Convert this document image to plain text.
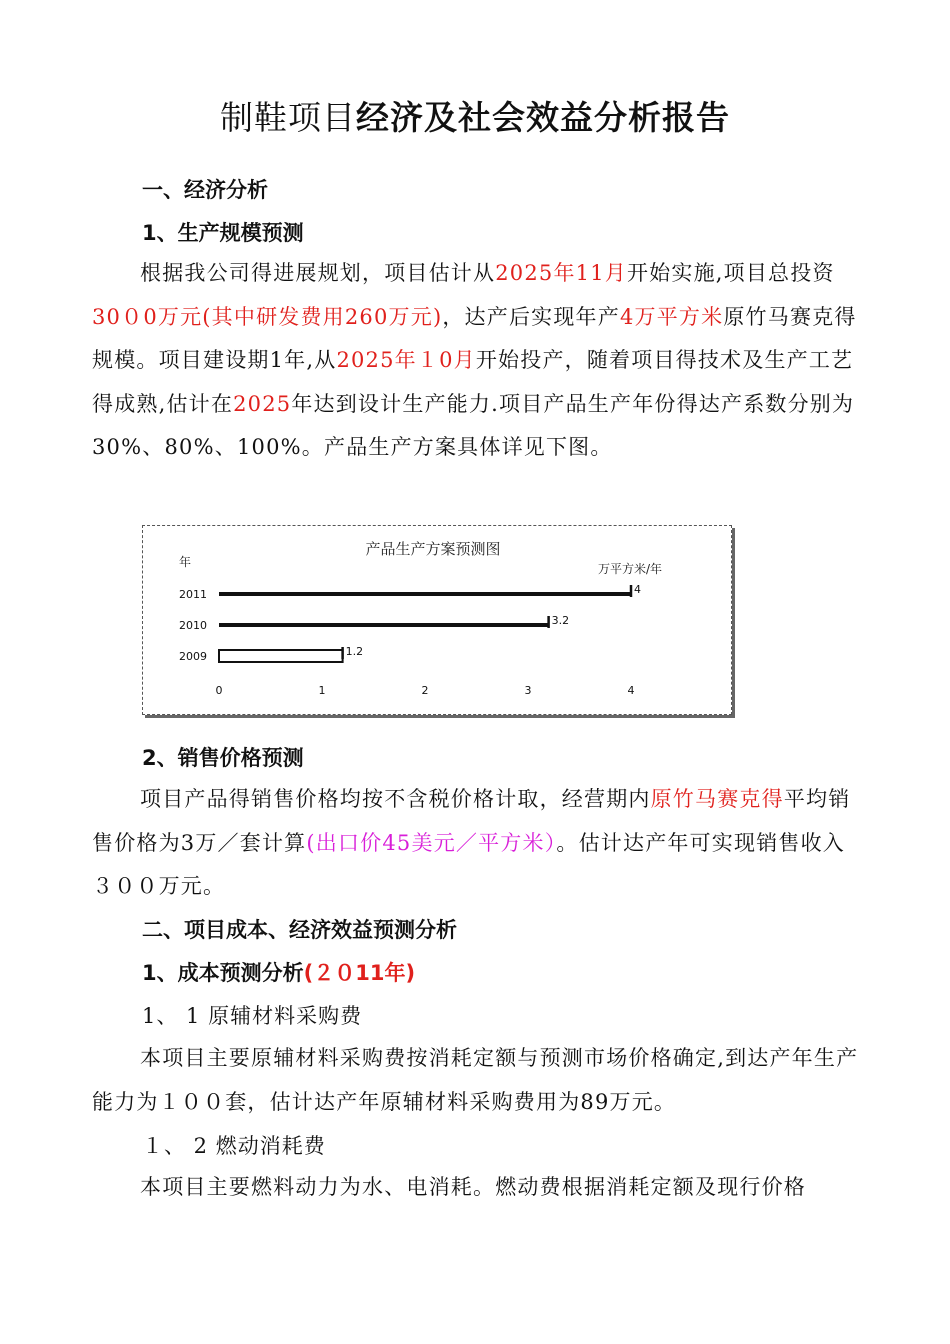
制鞋项目经济及社会效益分析报告
一、经济分析
1、生产规模预测
根据我公司得进展规划，项目估计从2025年11月开始实施,项目总投资30０0万元(其中研发费用260万元)，达产后实现年产4万平方米原竹马赛克得规模。项目建设期1年,从2025年１0月开始投产，随着项目得技术及生产工艺得成熟,估计在2025年达到设计生产能力.项目产品生产年份得达产系数分别为30%、80%、100%。产品生产方案具体详见下图。
产品生产方案预测图
年	万平方米/年
2011	4
2010	3.2
2009	1.2
0	1	2	3	4
2、销售价格预测
项目产品得销售价格均按不含税价格计取，经营期内原竹马赛克得平均销售价格为3万／套计算(出口价45美元／平方米）。估计达产年可实现销售收入３００万元。
二、项目成本、经济效益预测分析
1、成本预测分析(２０11年)
1、 1 原辅材料采购费
本项目主要原辅材料采购费按消耗定额与预测市场价格确定,到达产年生产能力为１００套，估计达产年原辅材料采购费用为89万元。
１、 2 燃动消耗费
本项目主要燃料动力为水、电消耗。燃动费根据消耗定额及现行价格
